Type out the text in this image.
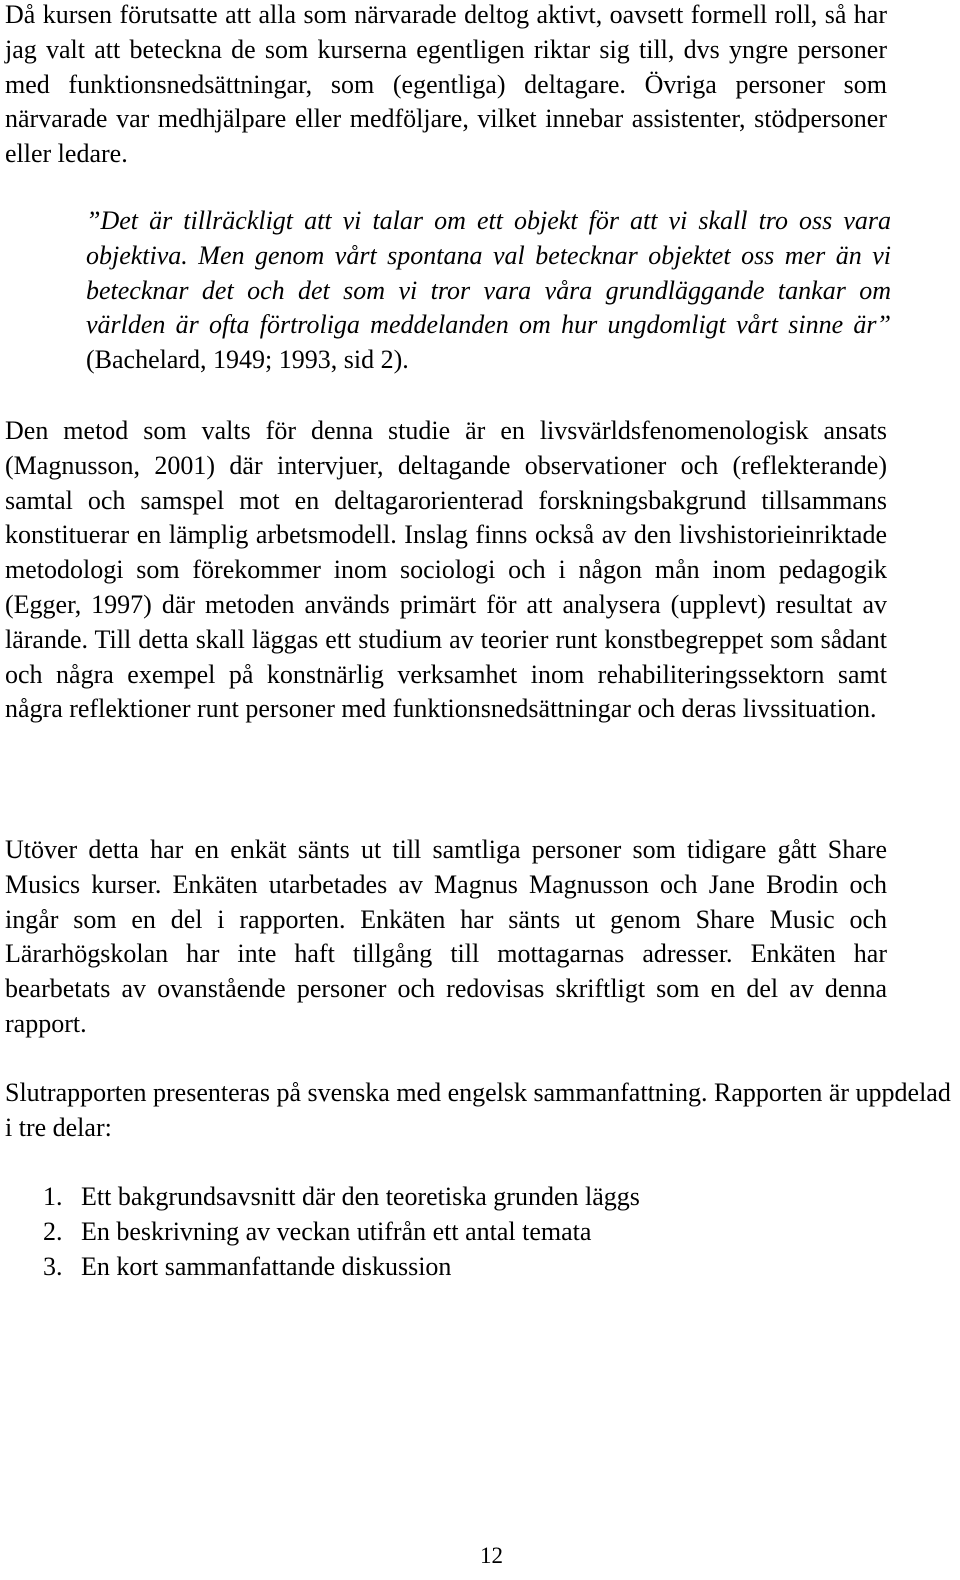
Då kursen förutsatte att alla som närvarade deltog aktivt, oavsett formell roll, så har jag valt att beteckna de som kurserna egentligen riktar sig till, dvs yngre personer med funktionsnedsättningar, som (egentliga) deltagare. Övriga personer som närvarade var medhjälpare eller medföljare, vilket innebar assistenter, stödpersoner eller ledare.

”Det är tillräckligt att vi talar om ett objekt för att vi skall tro oss vara objektiva. Men genom vårt spontana val betecknar objektet oss mer än vi betecknar det och det som vi tror vara våra grundläggande tankar om världen är ofta förtroliga meddelanden om hur ungdomligt vårt sinne är” (Bachelard, 1949; 1993, sid 2).

Den metod som valts för denna studie är en livsvärldsfenomenologisk ansats (Magnusson, 2001) där intervjuer, deltagande observationer och (reflekterande) samtal och samspel mot en deltagarorienterad forskningsbakgrund tillsammans konstituerar en lämplig arbetsmodell. Inslag finns också av den livshistorieinriktade metodologi som förekommer inom sociologi och i någon mån inom pedagogik (Egger, 1997) där metoden används primärt för att analysera (upplevt) resultat av lärande. Till detta skall läggas ett studium av teorier runt konstbegreppet som sådant och några exempel på konstnärlig verksamhet inom rehabiliteringssektorn samt några reflektioner runt personer med funktionsnedsättningar och deras livssituation.

Utöver detta har en enkät sänts ut till samtliga personer som tidigare gått Share Musics kurser. Enkäten utarbetades av Magnus Magnusson och Jane Brodin och ingår som en del i rapporten. Enkäten har sänts ut genom Share Music och Lärarhögskolan har inte haft tillgång till mottagarnas adresser. Enkäten har bearbetats av ovanstående personer och redovisas skriftligt som en del av denna rapport.

Slutrapporten presenteras på svenska med engelsk sammanfattning. Rapporten är uppdelad i tre delar:

1. Ett bakgrundsavsnitt där den teoretiska grunden läggs
2. En beskrivning av veckan utifrån ett antal temata
3. En kort sammanfattande diskussion
12
